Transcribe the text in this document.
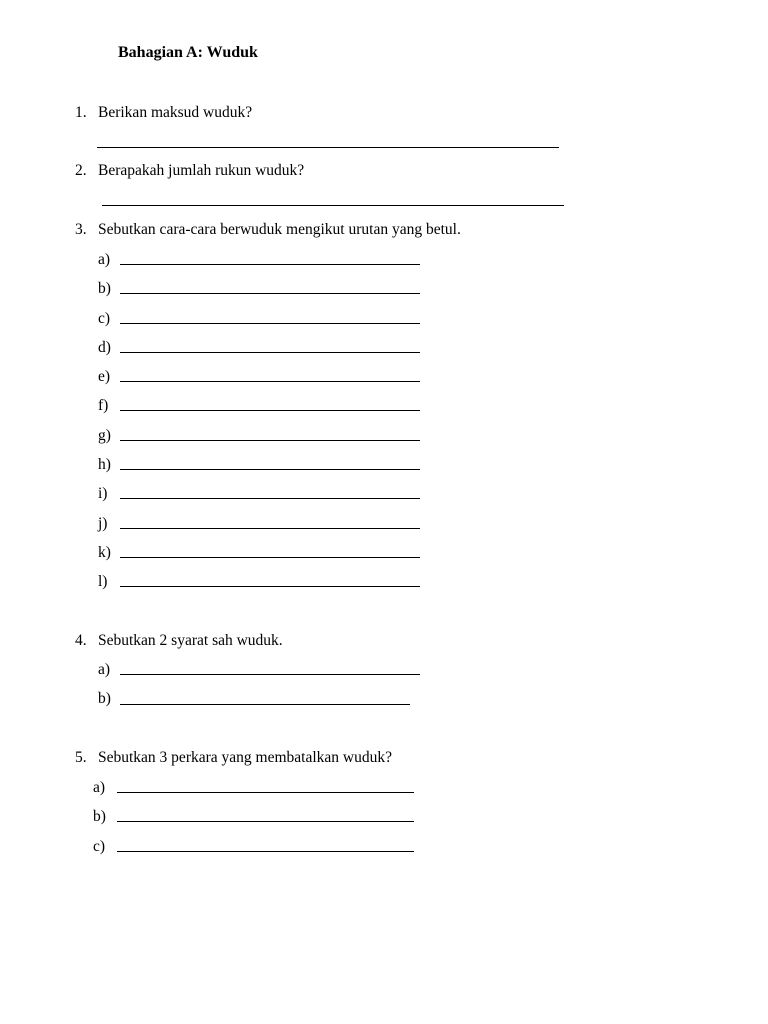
Bahagian A: Wuduk
1. Berikan maksud wuduk?
2. Berapakah jumlah rukun wuduk?
3. Sebutkan cara-cara berwuduk mengikut urutan yang betul.
a)
b)
c)
d)
e)
f)
g)
h)
i)
j)
k)
l)
4. Sebutkan 2 syarat sah wuduk.
a)
b)
5. Sebutkan 3 perkara yang membatalkan wuduk?
a)
b)
c)
